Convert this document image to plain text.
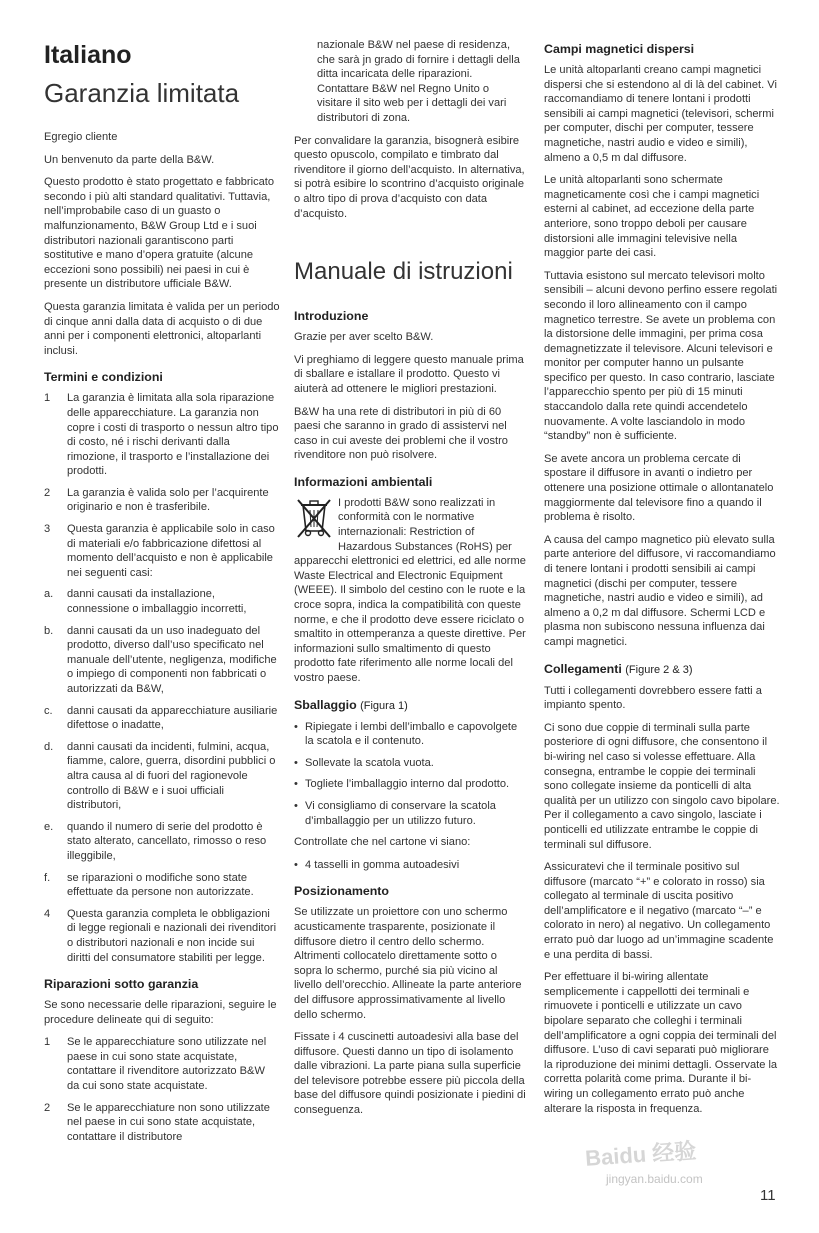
Italiano
Garanzia limitata

Egregio cliente

Un benvenuto da parte della B&W.

Questo prodotto è stato progettato e fabbricato secondo i più alti standard qualitativi. Tuttavia, nell’improbabile caso di un guasto o malfunzionamento, B&W Group Ltd e i suoi distributori nazionali garantiscono parti sostitutive e mano d’opera gratuite (alcune eccezioni sono possibili) nei paesi in cui è presente un distributore ufficiale B&W.

Questa garanzia limitata è valida per un periodo di cinque anni dalla data di acquisto o di due anni per i componenti elettronici, altoparlanti inclusi.

Termini e condizioni
1	La garanzia è limitata alla sola riparazione delle apparecchiature. La garanzia non copre i costi di trasporto o nessun altro tipo di costo, né i rischi derivanti dalla rimozione, il trasporto e l’installazione dei prodotti.
2	La garanzia è valida solo per l’acquirente originario e non è trasferibile.
3	Questa garanzia è applicabile solo in caso di materiali e/o fabbricazione difettosi al momento dell’acquisto e non è applicabile nei seguenti casi:
a.	danni causati da installazione, connessione o imballaggio incorretti,
b.	danni causati da un uso inadeguato del prodotto, diverso dall’uso specificato nel manuale dell’utente, negligenza, modifiche o impiego di componenti non fabbricati o autorizzati da B&W,
c.	danni causati da apparecchiature ausiliarie difettose o inadatte,
d.	danni causati da incidenti, fulmini, acqua, fiamme, calore, guerra, disordini pubblici o altra causa al di fuori del ragionevole controllo di B&W e i suoi ufficiali distributori,
e.	quando il numero di serie del prodotto è stato alterato, cancellato, rimosso o reso illeggibile,
f.	se riparazioni o modifiche sono state effettuate da persone non autorizzate.
4	Questa garanzia completa le obbligazioni di legge regionali e nazionali dei rivenditori o distributori nazionali e non incide sui diritti del consumatore stabiliti per legge.
Riparazioni sotto garanzia

Se sono necessarie delle riparazioni, seguire le procedure delineate qui di seguito:

1	Se le apparecchiature sono utilizzate nel paese in cui sono state acquistate, contattare il rivenditore autorizzato B&W da cui sono state acquistate.
2	Se le apparecchiature non sono utilizzate nel paese in cui sono state acquistate, contattare il distributore

nazionale B&W nel paese di residenza, che sarà jn grado di fornire i dettagli della ditta incaricata delle riparazioni. Contattare B&W nel Regno Unito o visitare il sito web per i dettagli dei vari distributori di zona.

Per convalidare la garanzia, bisognerà esibire questo opuscolo, compilato e timbrato dal rivenditore il giorno dell’acquisto. In alternativa, si potrà esibire lo scontrino d’acquisto originale o altro tipo di prova d’acquisto con data d’acquisto.

Manuale di istruzioni
Introduzione

Grazie per aver scelto B&W.

Vi preghiamo di leggere questo manuale prima di sballare e istallare il prodotto. Questo vi aiuterà ad ottenere le migliori prestazioni.

B&W ha una rete di distributori in più di 60 paesi che saranno in grado di assistervi nel caso in cui aveste dei problemi che il vostro rivenditore non può risolvere.

Informazioni ambientali

I prodotti B&W sono realizzati in conformità con le normative internazionali: Restriction of Hazardous Substances (RoHS) per apparecchi elettronici ed elettrici, ed alle norme Waste Electrical and Electronic Equipment (WEEE). Il simbolo del cestino con le ruote e la croce sopra, indica la compatibilità con queste norme, e che il prodotto deve essere riciclato o smaltito in ottemperanza a queste direttive. Per informazioni sullo smaltimento di questo prodotto fate riferimento alle norme locali del vostro paese.

Sballaggio (Figura 1)
• Ripiegate i lembi dell’imballo e capovolgete la scatola e il contenuto.
• Sollevate la scatola vuota.
• Togliete l’imballaggio interno dal prodotto.
• Vi consigliamo di conservare la scatola d’imballaggio per un utilizzo futuro.

Controllate che nel cartone vi siano:

• 4 tasselli in gomma autoadesivi
Posizionamento

Se utilizzate un proiettore con uno schermo acusticamente trasparente, posizionate il diffusore dietro il centro dello schermo. Altrimenti collocatelo direttamente sotto o sopra lo schermo, purché sia più vicino al livello dell’orecchio. Allineate la parte anteriore del diffusore approssimativamente al livello dello schermo.

Fissate i 4 cuscinetti autoadesivi alla base del diffusore. Questi danno un tipo di isolamento dalle vibrazioni. La parte piana sulla superficie del televisore potrebbe essere più piccola della base del diffusore quindi posizionate i piedini di conseguenza.

Campi magnetici dispersi

Le unità altoparlanti creano campi magnetici dispersi che si estendono al di là del cabinet. Vi raccomandiamo di tenere lontani i prodotti sensibili ai campi magnetici (televisori, schermi per computer, dischi per computer, tessere magnetiche, nastri audio e video e simili), almeno a 0,5 m dal diffusore.

Le unità altoparlanti sono schermate magneticamente così che i campi magnetici esterni al cabinet, ad eccezione della parte anteriore, sono troppo deboli per causare distorsioni alle immagini televisive nella maggior parte dei casi.

Tuttavia esistono sul mercato televisori molto sensibili – alcuni devono perfino essere regolati secondo il loro allineamento con il campo magnetico terrestre. Se avete un problema con la distorsione delle immagini, per prima cosa demagnetizzate il televisore. Alcuni televisori e monitor per computer hanno un pulsante specifico per questo. In caso contrario, lasciate l’apparecchio spento per più di 15 minuti staccandolo dalla rete quindi accendetelo nuovamente. A volte lasciandolo in modo “standby” non è sufficiente.

Se avete ancora un problema cercate di spostare il diffusore in avanti o indietro per ottenere una posizione ottimale o allontanatelo maggiormente dal televisore fino a quando il problema è risolto.

A causa del campo magnetico più elevato sulla parte anteriore del diffusore, vi raccomandiamo di tenere lontani i prodotti sensibili ai campi magnetici (dischi per computer, tessere magnetiche, nastri audio e video e simili), ad almeno a 0,2 m dal diffusore. Schermi LCD e plasma non subiscono nessuna influenza dai campi magnetici.

Collegamenti (Figure 2 & 3)

Tutti i collegamenti dovrebbero essere fatti a impianto spento.

Ci sono due coppie di terminali sulla parte posteriore di ogni diffusore, che consentono il bi-wiring nel caso si volesse effettuare. Alla consegna, entrambe le coppie dei terminali sono collegate insieme da ponticelli di alta qualità per un utilizzo con singolo cavo bipolare. Per il collegamento a cavo singolo, lasciate i ponticelli ed utilizzate entrambe le coppie di terminali sul diffusore.

Assicuratevi che il terminale positivo sul diffusore (marcato “+” e colorato in rosso) sia collegato al terminale di uscita positivo dell’amplificatore e il negativo (marcato “–” e colorato in nero) al negativo. Un collegamento errato può dar luogo ad un’immagine scadente e una perdita di bassi.

Per effettuare il bi-wiring allentate semplicemente i cappellotti dei terminali e rimuovete i ponticelli e utilizzate un cavo bipolare separato che colleghi i terminali dell’amplificatore a ogni coppia dei terminali del diffusore. L’uso di cavi separati può migliorare la riproduzione dei minimi dettagli. Osservate la corretta polarità come prima. Durante il bi-wiring un collegamento errato può anche alterare la risposta in frequenza.

Baidu 经验
jingyan.baidu.com
11
